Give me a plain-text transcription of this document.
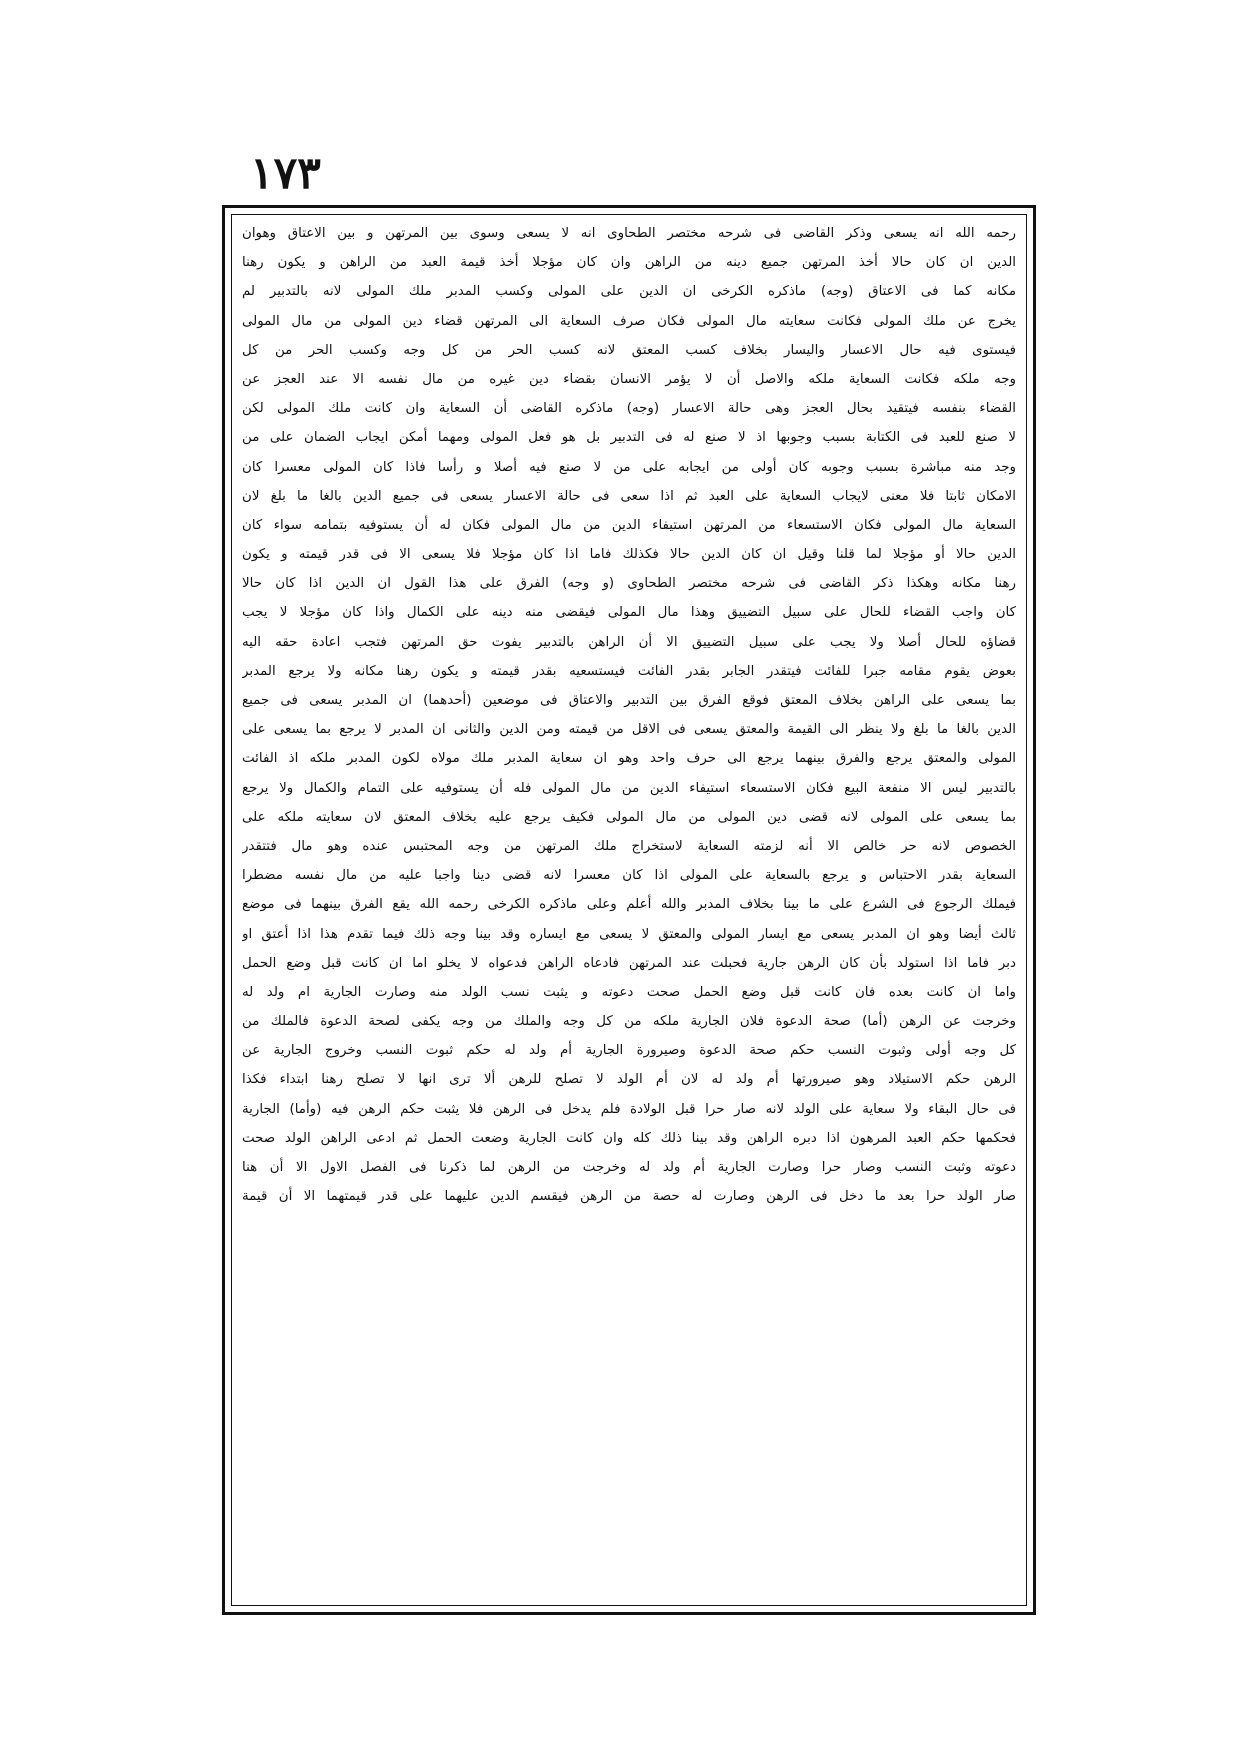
١٧٣
رحمه الله انه يسعى وذكر القاضى فى شرحه مختصر الطحاوى انه لا يسعى وسوى بين المرتهن و بين الاعتاق وهوان
الدين ان كان حالا أخذ المرتهن جميع دينه من الراهن وان كان مؤجلا أخذ قيمة العبد من الراهن و يكون رهنا
مكانه كما فى الاعتاق (وجه) ماذكره الكرخى ان الدين على المولى وكسب المدبر ملك المولى لانه بالتدبير لم
يخرج عن ملك المولى فكانت سعايته مال المولى فكان صرف السعاية الى المرتهن قضاء دين المولى من مال المولى
فيستوى فيه حال الاعسار واليسار بخلاف كسب المعتق لانه كسب الحر من كل وجه وكسب الحر من كل
وجه ملكه فكانت السعاية ملكه والاصل أن لا يؤمر الانسان بقضاء دين غيره من مال نفسه الا عند العجز عن
القضاء بنفسه فيتقيد بحال العجز وهى حالة الاعسار (وجه) ماذكره القاضى أن السعاية وان كانت ملك المولى لكن
لا صنع للعبد فى الكتابة بسبب وجوبها اذ لا صنع له فى التدبير بل هو فعل المولى ومهما أمكن ايجاب الضمان على من
وجد منه مباشرة بسبب وجوبه كان أولى من ايجابه على من لا صنع فيه أصلا و رأسا فاذا كان المولى معسرا كان
الامكان ثابتا فلا معنى لايجاب السعاية على العبد ثم اذا سعى فى حالة الاعسار يسعى فى جميع الدين بالغا ما بلغ لان
السعاية مال المولى فكان الاستسعاء من المرتهن استيفاء الدين من مال المولى فكان له أن يستوفيه بتمامه سواء كان
الدين حالا أو مؤجلا لما قلنا وقيل ان كان الدين حالا فكذلك فاما اذا كان مؤجلا فلا يسعى الا فى قدر قيمته و يكون
رهنا مكانه وهكذا ذكر القاضى فى شرحه مختصر الطحاوى (و وجه) الفرق على هذا القول ان الدين اذا كان حالا
كان واجب القضاء للحال على سبيل التضييق وهذا مال المولى فيقضى منه دينه على الكمال واذا كان مؤجلا لا يجب
قضاؤه للحال أصلا ولا يجب على سبيل التضييق الا أن الراهن بالتدبير يفوت حق المرتهن فتجب اعادة حقه اليه
بعوض يقوم مقامه جبرا للفائت فيتقدر الجابر بقدر الفائت فيستسعيه بقدر قيمته و يكون رهنا مكانه ولا يرجع المدبر
بما يسعى على الراهن بخلاف المعتق فوقع الفرق بين التدبير والاعتاق فى موضعين (أحدهما) ان المدبر يسعى فى جميع
الدين بالغا ما بلغ ولا ينظر الى القيمة والمعتق يسعى فى الاقل من قيمته ومن الدين والثانى ان المدبر لا يرجع بما يسعى على
المولى والمعتق يرجع والفرق بينهما يرجع الى حرف واحد وهو ان سعاية المدبر ملك مولاه لكون المدبر ملكه اذ الفائت
بالتدبير ليس الا منفعة البيع فكان الاستسعاء استيفاء الدين من مال المولى فله أن يستوفيه على التمام والكمال ولا يرجع
بما يسعى على المولى لانه قضى دين المولى من مال المولى فكيف يرجع عليه بخلاف المعتق لان سعايته ملكه على
الخصوص لانه حر خالص الا أنه لزمته السعاية لاستخراج ملك المرتهن من وجه المحتبس عنده وهو مال فتتقدر
السعاية بقدر الاحتباس و يرجع بالسعاية على المولى اذا كان معسرا لانه قضى دينا واجبا عليه من مال نفسه مضطرا
فيملك الرجوع فى الشرع على ما بينا بخلاف المدبر والله أعلم وعلى ماذكره الكرخى رحمه الله يقع الفرق بينهما فى موضع
ثالث أيضا وهو ان المدبر يسعى مع ايسار المولى والمعتق لا يسعى مع ايساره وقد بينا وجه ذلك فيما تقدم هذا اذا أعتق او
دبر فاما اذا استولد بأن كان الرهن جارية فحبلت عند المرتهن فادعاه الراهن فدعواه لا يخلو اما ان كانت قبل وضع الحمل
واما ان كانت بعده فان كانت قبل وضع الحمل صحت دعوته و يثبت نسب الولد منه وصارت الجارية ام ولد له
وخرجت عن الرهن (أما) صحة الدعوة فلان الجارية ملكه من كل وجه والملك من وجه يكفى لصحة الدعوة فالملك من
كل وجه أولى وثبوت النسب حكم صحة الدعوة وصيرورة الجارية أم ولد له حكم ثبوت النسب وخروج الجارية عن
الرهن حكم الاستيلاد وهو صيرورتها أم ولد له لان أم الولد لا تصلح للرهن ألا ترى انها لا تصلح رهنا ابتداء فكذا
فى حال البقاء ولا سعاية على الولد لانه صار حرا قبل الولادة فلم يدخل فى الرهن فلا يثبت حكم الرهن فيه (وأما) الجارية
فحكمها حكم العبد المرهون اذا دبره الراهن وقد بينا ذلك كله وان كانت الجارية وضعت الحمل ثم ادعى الراهن الولد صحت
دعوته وثبت النسب وصار حرا وصارت الجارية أم ولد له وخرجت من الرهن لما ذكرنا فى الفصل الاول الا أن هنا
صار الولد حرا بعد ما دخل فى الرهن وصارت له حصة من الرهن فيقسم الدين عليهما على قدر قيمتهما الا أن قيمة
